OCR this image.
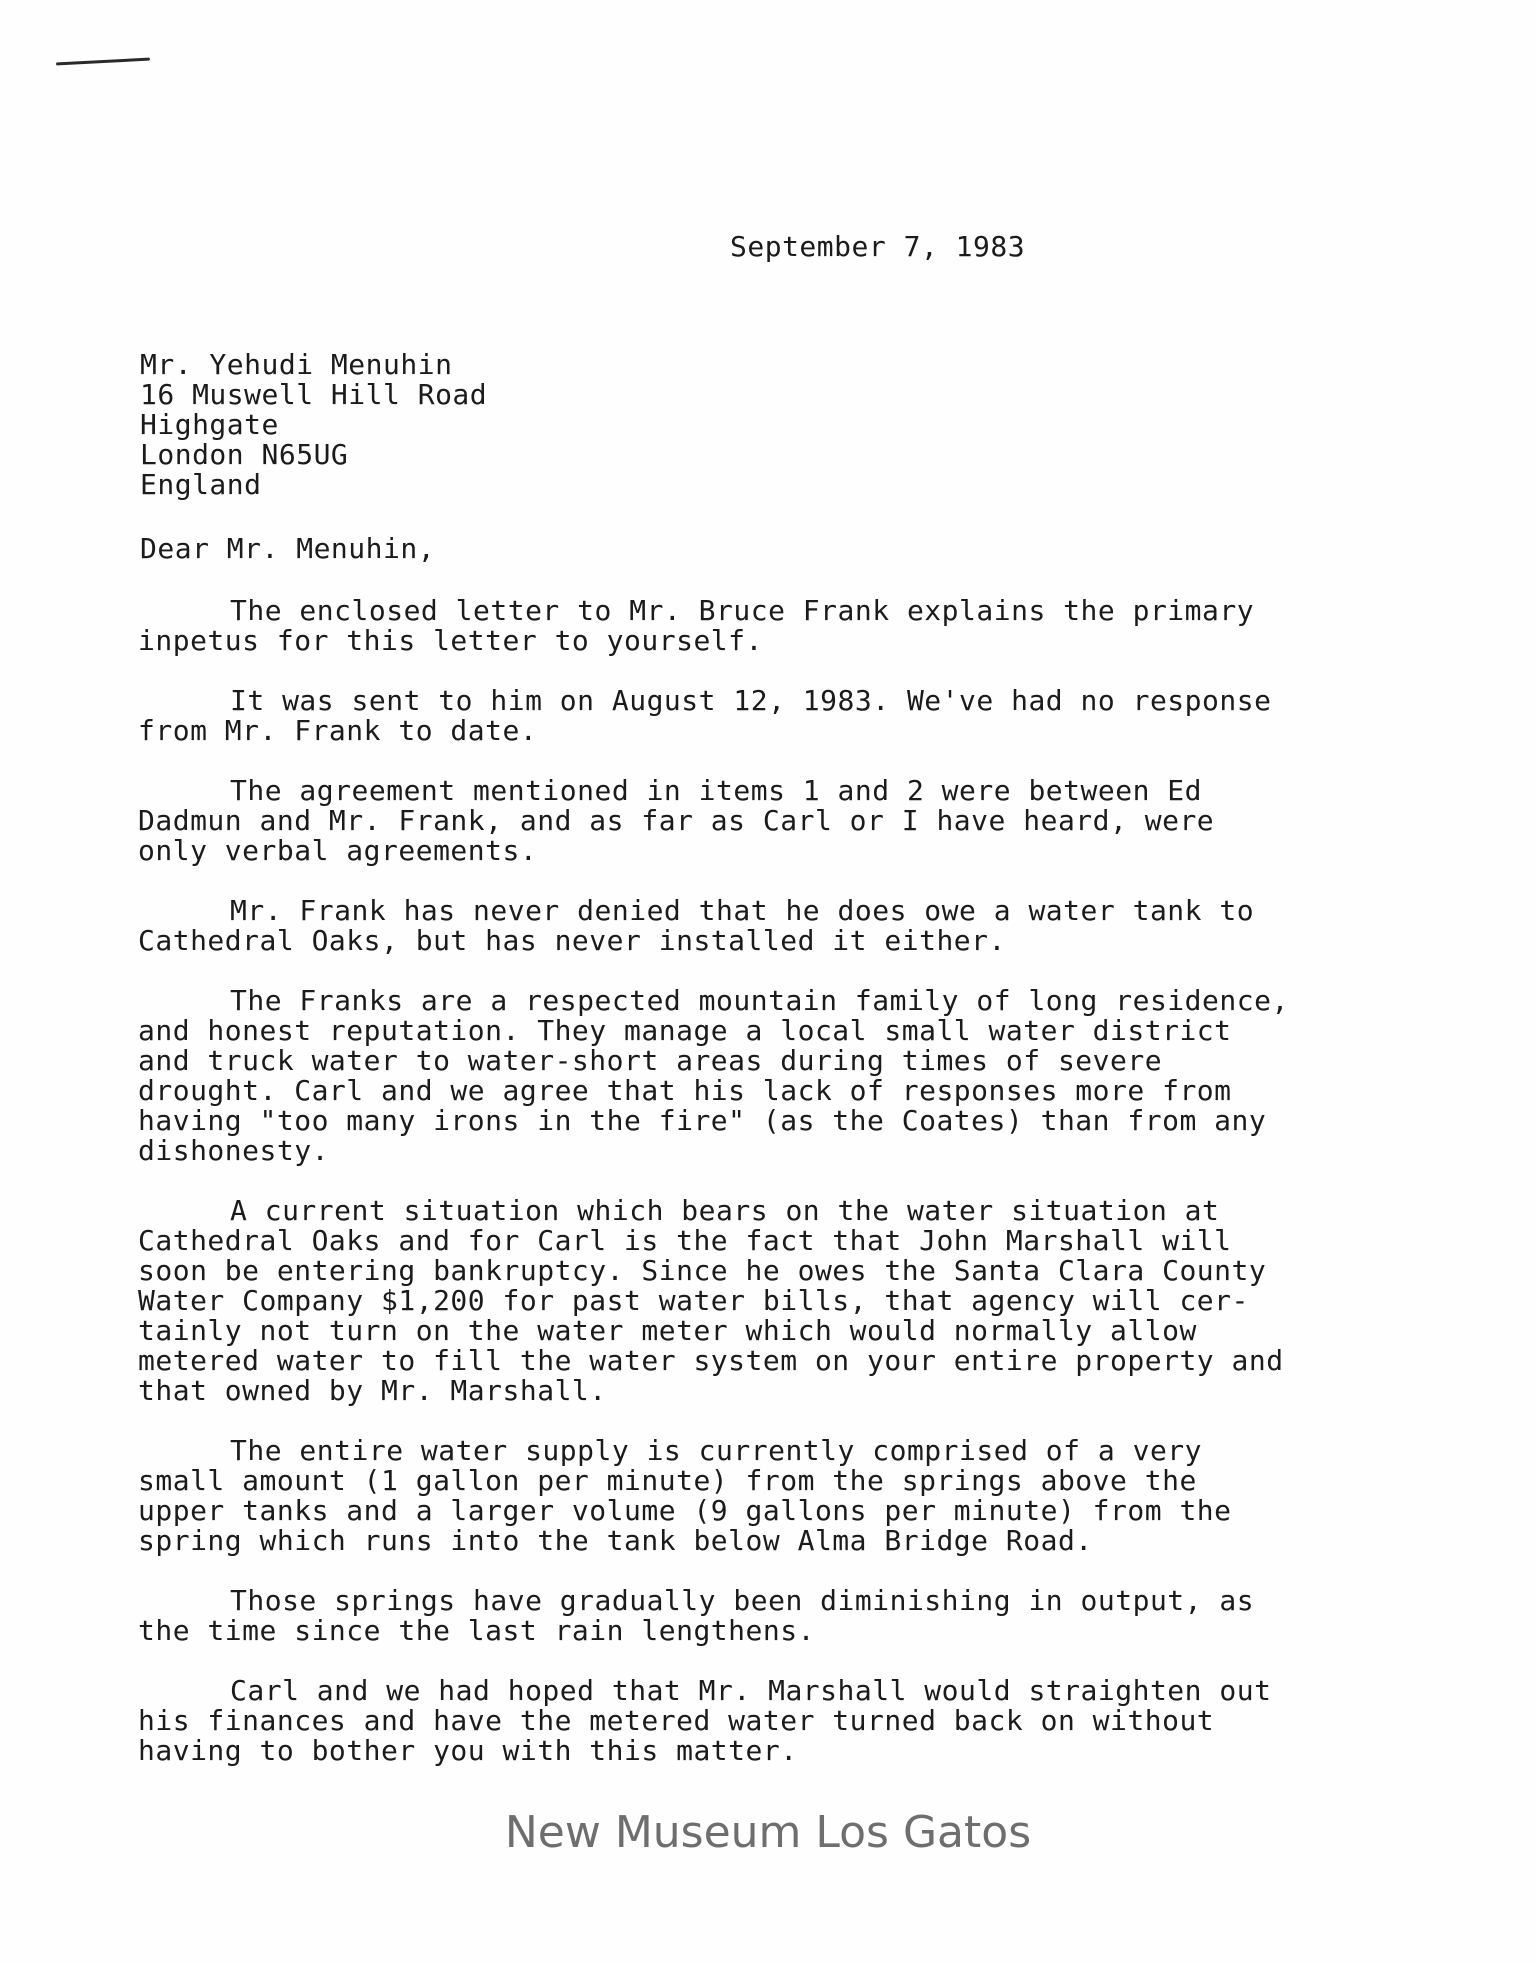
September 7, 1983
Mr. Yehudi Menuhin
16 Muswell Hill Road
Highgate
London N65UG
England
Dear Mr. Menuhin,

The enclosed letter to Mr. Bruce Frank explains the primary
inpetus for this letter to yourself.

It was sent to him on August 12, 1983. We've had no response
from Mr. Frank to date.

The agreement mentioned in items 1 and 2 were between Ed
Dadmun and Mr. Frank, and as far as Carl or I have heard, were
only verbal agreements.

Mr. Frank has never denied that he does owe a water tank to
Cathedral Oaks, but has never installed it either.

The Franks are a respected mountain family of long residence,
and honest reputation. They manage a local small water district
and truck water to water-short areas during times of severe
drought. Carl and we agree that his lack of responses more from
having "too many irons in the fire" (as the Coates) than from any
dishonesty.

A current situation which bears on the water situation at
Cathedral Oaks and for Carl is the fact that John Marshall will
soon be entering bankruptcy. Since he owes the Santa Clara County
Water Company $1,200 for past water bills, that agency will cer-
tainly not turn on the water meter which would normally allow
metered water to fill the water system on your entire property and
that owned by Mr. Marshall.

The entire water supply is currently comprised of a very
small amount (1 gallon per minute) from the springs above the
upper tanks and a larger volume (9 gallons per minute) from the
spring which runs into the tank below Alma Bridge Road.

Those springs have gradually been diminishing in output, as
the time since the last rain lengthens.

Carl and we had hoped that Mr. Marshall would straighten out
his finances and have the metered water turned back on without
having to bother you with this matter.

New Museum Los Gatos
